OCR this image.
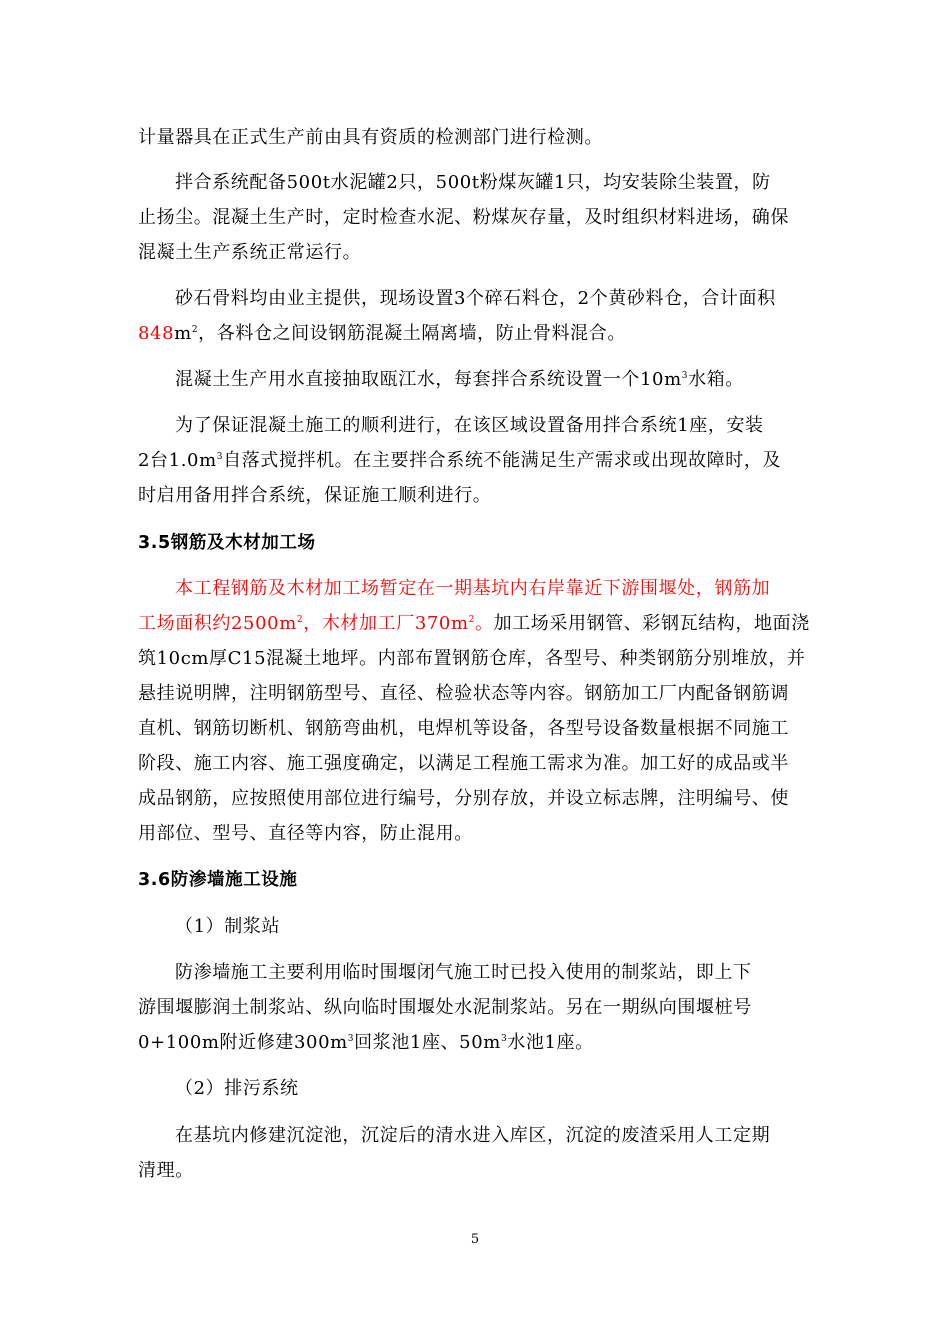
计量器具在正式生产前由具有资质的检测部门进行检测。
拌合系统配备500t水泥罐2只，500t粉煤灰罐1只，均安装除尘装置，防
止扬尘。混凝土生产时，定时检查水泥、粉煤灰存量，及时组织材料进场，确保
混凝土生产系统正常运行。
砂石骨料均由业主提供，现场设置3个碎石料仓，2个黄砂料仓，合计面积
$848m^2$，各料仓之间设钢筋混凝土隔离墙，防止骨料混合。
混凝土生产用水直接抽取瓯江水，每套拌合系统设置一个$10m^3$水箱。
为了保证混凝土施工的顺利进行，在该区域设置备用拌合系统1座，安装
2台$1.0m^3$自落式搅拌机。在主要拌合系统不能满足生产需求或出现故障时，及
时启用备用拌合系统，保证施工顺利进行。
3.5钢筋及木材加工场
本工程钢筋及木材加工场暂定在一期基坑内右岸靠近下游围堰处，钢筋加
工场面积约$2500m^2$，木材加工厂$370m^2$。加工场采用钢管、彩钢瓦结构，地面浇
筑10cm厚C15混凝土地坪。内部布置钢筋仓库，各型号、种类钢筋分别堆放，并
悬挂说明牌，注明钢筋型号、直径、检验状态等内容。钢筋加工厂内配备钢筋调
直机、钢筋切断机、钢筋弯曲机，电焊机等设备，各型号设备数量根据不同施工
阶段、施工内容、施工强度确定，以满足工程施工需求为准。加工好的成品或半
成品钢筋，应按照使用部位进行编号，分别存放，并设立标志牌，注明编号、使
用部位、型号、直径等内容，防止混用。
3.6防渗墙施工设施
（1）制浆站
防渗墙施工主要利用临时围堰闭气施工时已投入使用的制浆站，即上下
游围堰膨润土制浆站、纵向临时围堰处水泥制浆站。另在一期纵向围堰桩号
0+100m附近修建$300m^3$回浆池1座、$50m^3$水池1座。
（2）排污系统
在基坑内修建沉淀池，沉淀后的清水进入库区，沉淀的废渣采用人工定期
清理。
5
